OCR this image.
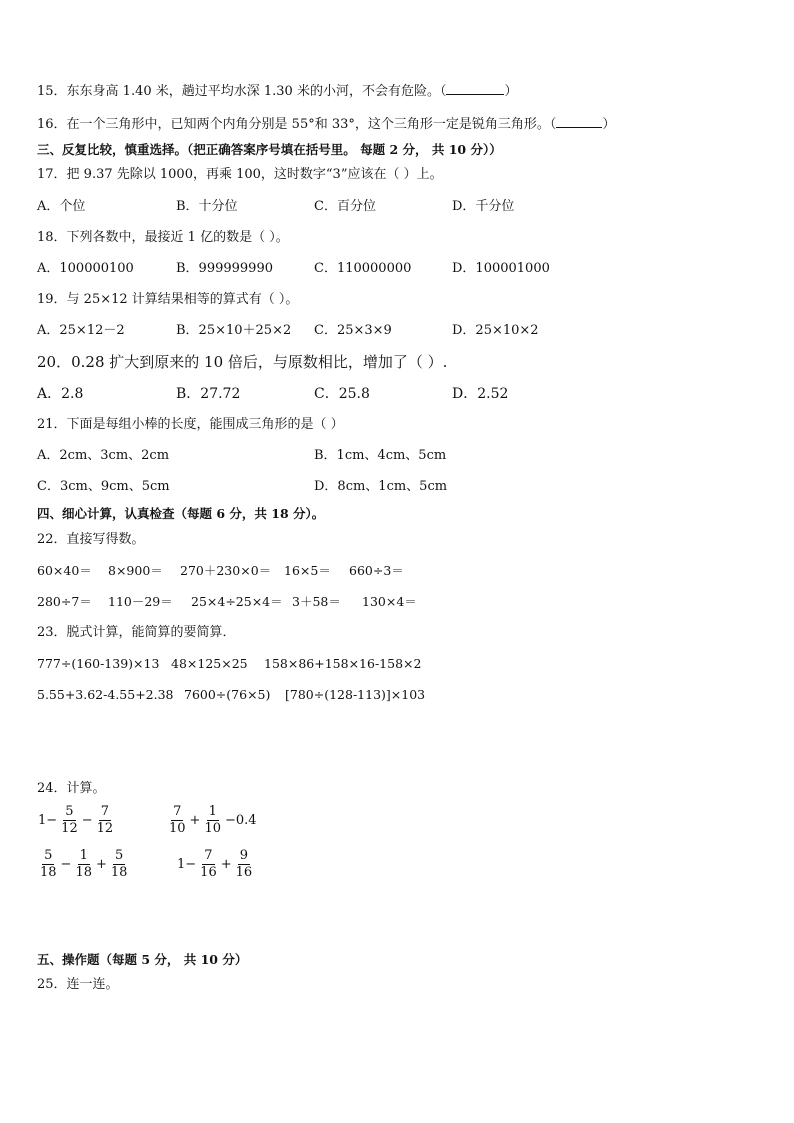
15．东东身高 1.40 米，趟过平均水深 1.30 米的小河，不会有危险。（	）
16．在一个三角形中，已知两个内角分别是 55°和 33°，这个三角形一定是锐角三角形。（	）
三、反复比较，慎重选择。（把正确答案序号填在括号里。 每题 2 分， 共 10 分））
17．把 9.37 先除以 1000，再乘 100，这时数字“3”应该在（ ）上。
A．个位	B．十分位	C．百分位	D．千分位
18．下列各数中，最接近 1 亿的数是（ ）。
A．100000100	B．999999990	C．110000000	D．100001000
19．与 25×12 计算结果相等的算式有（ ）。
A．25×12－2	B．25×10＋25×2 C．25×3×9	D．25×10×2
20．0.28 扩大到原来的 10 倍后，与原数相比，增加了（ ）.
A．2.8	B．27.72	C．25.8	D．2.52
21．下面是每组小棒的长度，能围成三角形的是（ ）
A．2cm、3cm、2cm	B．1cm、4cm、5cm
C．3cm、9cm、5cm	D．8cm、1cm、5cm
四、细心计算，认真检查（每题 6 分，共 18 分）。
22．直接写得数。
60×40＝ 8×900＝ 270＋230×0＝ 16×5＝ 660÷3＝
280÷7＝ 110－29＝ 25×4÷25×4＝ 3＋58＝ 130×4＝
23．脱式计算，能简算的要简算．
777÷(160-139)×13 48×125×25 158×86+158×16-158×2
5.55+3.62-4.55+2.38 7600÷(76×5) [780÷(128-113)]×103
24．计算。
$1- \frac{5}{12} - \frac{7}{12}$	$\frac{7}{10} + \frac{1}{10} -0.4$
$\frac{5}{18} - \frac{1}{18} + \frac{5}{18}$	$1- \frac{7}{16} + \frac{9}{16}$
五、操作题（每题 5 分， 共 10 分）
25．连一连。
